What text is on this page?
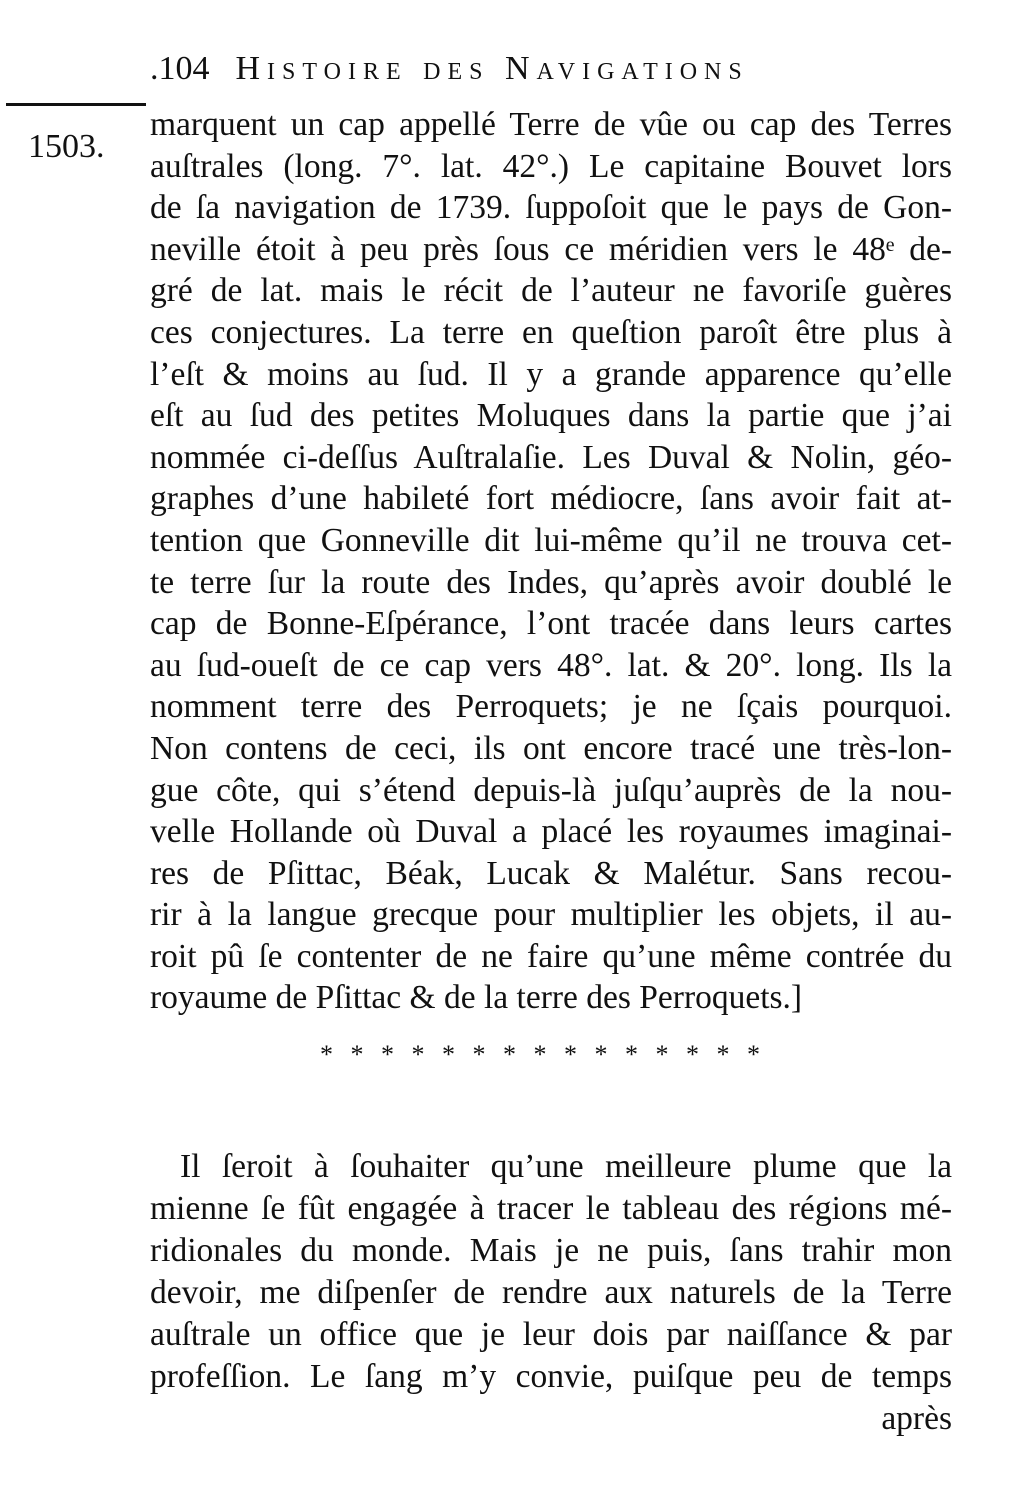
.104 Histoire des Navigations
1503.
marquent un cap appellé Terre de vûe ou cap des Terres
auſtrales (long. 7°. lat. 42°.) Le capitaine Bouvet lors
de ſa navigation de 1739. ſuppoſoit que le pays de Gon-
neville étoit à peu près ſous ce méridien vers le 48ᵉ de-
gré de lat. mais le récit de l’auteur ne favoriſe guères
ces conjectures. La terre en queſtion paroît être plus à
l’eſt & moins au ſud. Il y a grande apparence qu’elle
eſt au ſud des petites Moluques dans la partie que j’ai
nommée ci-deſſus Auſtralaſie. Les Duval & Nolin, géo-
graphes d’une habileté fort médiocre, ſans avoir fait at-
tention que Gonneville dit lui-même qu’il ne trouva cet-
te terre ſur la route des Indes, qu’après avoir doublé le
cap de Bonne-Eſpérance, l’ont tracée dans leurs cartes
au ſud-oueſt de ce cap vers 48°. lat. & 20°. long. Ils la
nomment terre des Perroquets; je ne ſçais pourquoi.
Non contens de ceci, ils ont encore tracé une très-lon-
gue côte, qui s’étend depuis-là juſqu’auprès de la nou-
velle Hollande où Duval a placé les royaumes imaginai-
res de Pſittac, Béak, Lucak & Malétur. Sans recou-
rir à la langue grecque pour multiplier les objets, il au-
roit pû ſe contenter de ne faire qu’une même contrée du
royaume de Pſittac & de la terre des Perroquets.]
* * * * * * * * * * * * * * *
Il ſeroit à ſouhaiter qu’une meilleure plume que la
mienne ſe fût engagée à tracer le tableau des régions mé-
ridionales du monde. Mais je ne puis, ſans trahir mon
devoir, me diſpenſer de rendre aux naturels de la Terre
auſtrale un office que je leur dois par naiſſance & par
profeſſion. Le ſang m’y convie, puiſque peu de temps
après
